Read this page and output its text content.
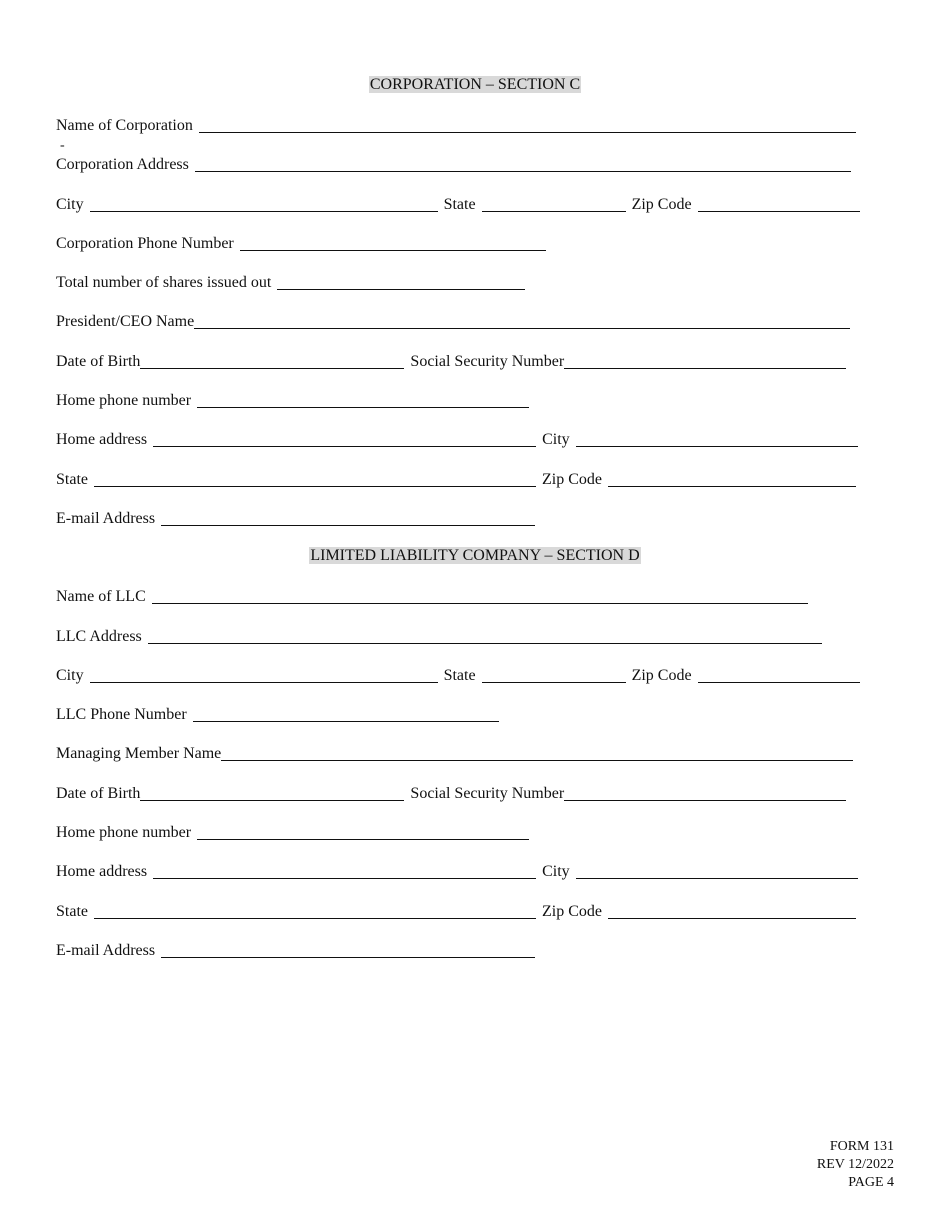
CORPORATION – SECTION C
Name of Corporation
-
Corporation Address
City	State	Zip Code
Corporation Phone Number
Total number of shares issued out
President/CEO Name
Date of Birth	Social Security Number
Home phone number
Home address	City
State	Zip Code
E-mail Address
LIMITED LIABILITY COMPANY – SECTION D
Name of LLC
LLC Address
City	State	Zip Code
LLC Phone Number
Managing Member Name
Date of Birth	Social Security Number
Home phone number
Home address	City
State	Zip Code
E-mail Address
FORM 131
REV 12/2022
PAGE 4
